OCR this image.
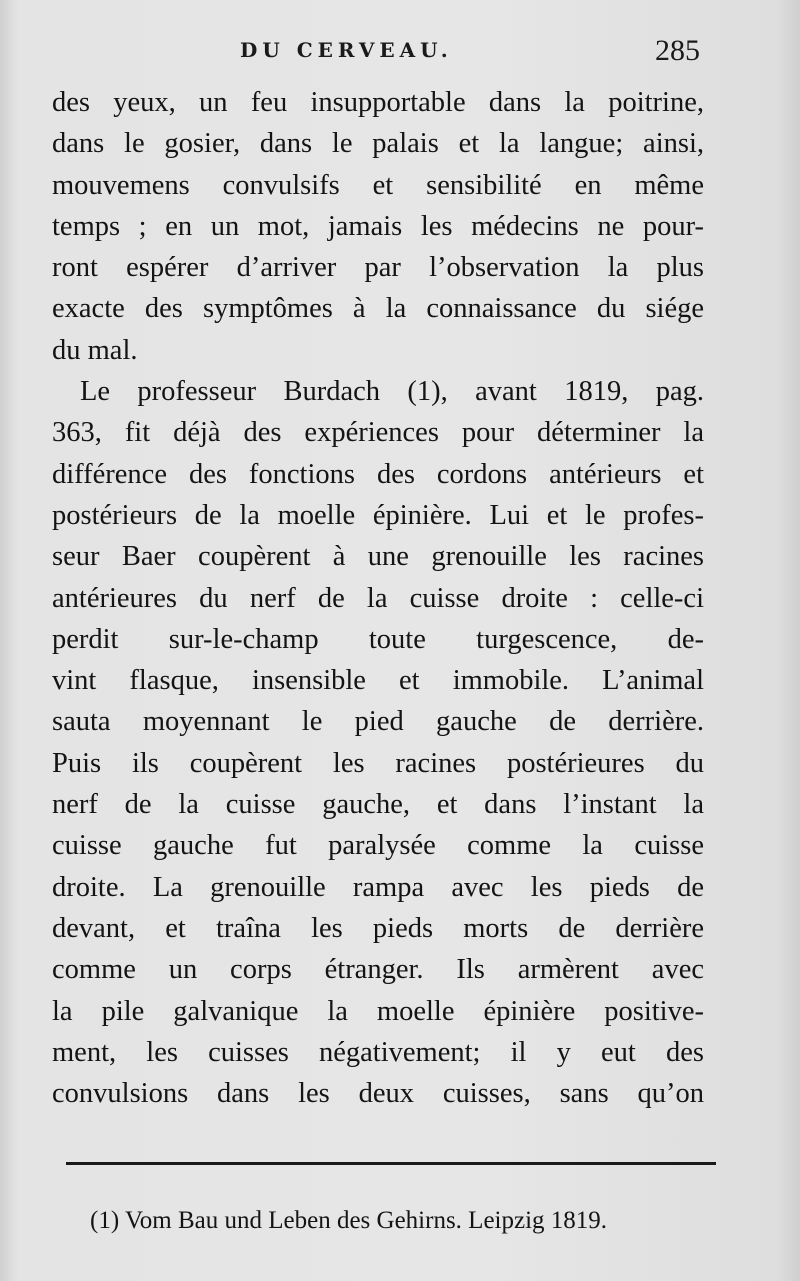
DU CERVEAU.	285
des yeux, un feu insupportable dans la poitrine,
dans le gosier, dans le palais et la langue; ainsi,
mouvemens convulsifs et sensibilité en même
temps ; en un mot, jamais les médecins ne pour-
ront espérer d’arriver par l’observation la plus
exacte des symptômes à la connaissance du siége
du mal.
Le professeur Burdach (1), avant 1819, pag.
363, fit déjà des expériences pour déterminer la
différence des fonctions des cordons antérieurs et
postérieurs de la moelle épinière. Lui et le profes-
seur Baer coupèrent à une grenouille les racines
antérieures du nerf de la cuisse droite : celle-ci
perdit sur-le-champ toute turgescence, de-
vint flasque, insensible et immobile. L’animal
sauta moyennant le pied gauche de derrière.
Puis ils coupèrent les racines postérieures du
nerf de la cuisse gauche, et dans l’instant la
cuisse gauche fut paralysée comme la cuisse
droite. La grenouille rampa avec les pieds de
devant, et traîna les pieds morts de derrière
comme un corps étranger. Ils armèrent avec
la pile galvanique la moelle épinière positive-
ment, les cuisses négativement; il y eut des
convulsions dans les deux cuisses, sans qu’on
(1) Vom Bau und Leben des Gehirns. Leipzig 1819.
